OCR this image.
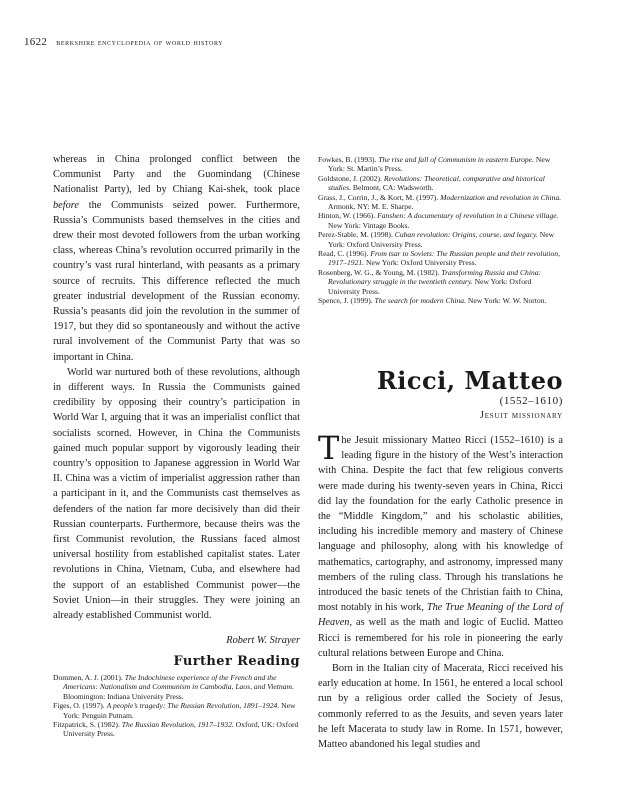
1622 berkshire encyclopedia of world history

whereas in China prolonged conflict between the Communist Party and the Guomindang (Chinese Nationalist Party), led by Chiang Kai-shek, took place before the Communists seized power. Furthermore, Russia’s Communists based themselves in the cities and drew their most devoted followers from the urban working class, whereas China’s revolution occurred primarily in the country’s vast rural hinterland, with peasants as a primary source of recruits. This difference reflected the much greater industrial development of the Russian economy. Russia’s peasants did join the revolution in the summer of 1917, but they did so spontaneously and without the active rural involvement of the Communist Party that was so important in China.

World war nurtured both of these revolutions, although in different ways. In Russia the Communists gained credibility by opposing their country’s participation in World War I, arguing that it was an imperialist conflict that socialists scorned. However, in China the Communists gained much popular support by vigorously leading their country’s opposition to Japanese aggression in World War II. China was a victim of imperialist aggression rather than a participant in it, and the Communists cast themselves as defenders of the nation far more decisively than did their Russian counterparts. Furthermore, because theirs was the first Communist revolution, the Russians faced almost universal hostility from established capitalist states. Later revolutions in China, Vietnam, Cuba, and elsewhere had the support of an established Communist power—the Soviet Union—in their struggles. They were joining an already established Communist world.

Robert W. Strayer

Further Reading

Dommen, A. J. (2001). The Indochinese experience of the French and the Americans: Nationalism and Communism in Cambodia, Laos, and Vietnam. Bloomington: Indiana University Press.

Figes, O. (1997). A people’s tragedy: The Russian Revolution, 1891–1924. New York: Penguin Putnam.

Fitzpatrick, S. (1982). The Russian Revolution, 1917–1932. Oxford, UK: Oxford University Press.

Fowkes, B. (1993). The rise and fall of Communism in eastern Europe. New York: St. Martin’s Press.

Goldstone, J. (2002). Revolutions: Theoretical, comparative and historical studies. Belmont, CA: Wadsworth.

Grass, J., Corrin, J., & Kort, M. (1997). Modernization and revolution in China. Armonk, NY: M. E. Sharpe.

Hinton, W. (1966). Fanshen: A documentary of revolution in a Chinese village. New York: Vintage Books.

Perez-Stable, M. (1998). Cuban revolution: Origins, course, and legacy. New York: Oxford University Press.

Read, C. (1996). From tsar to Soviets: The Russian people and their revolution, 1917–1921. New York: Oxford University Press.

Rosenberg, W. G., & Young, M. (1982). Transforming Russia and China: Revolutionary struggle in the twentieth century. New York: Oxford University Press.

Spence, J. (1999). The search for modern China. New York: W. W. Norton.

Ricci, Matteo
(1552–1610)
Jesuit missionary

The Jesuit missionary Matteo Ricci (1552–1610) is a leading figure in the history of the West’s interaction with China. Despite the fact that few religious converts were made during his twenty-seven years in China, Ricci did lay the foundation for the early Catholic presence in the “Middle Kingdom,” and his scholastic abilities, including his incredible memory and mastery of Chinese language and philosophy, along with his knowledge of mathematics, cartography, and astronomy, impressed many members of the ruling class. Through his translations he introduced the basic tenets of the Christian faith to China, most notably in his work, The True Meaning of the Lord of Heaven, as well as the math and logic of Euclid. Matteo Ricci is remembered for his role in pioneering the early cultural relations between Europe and China.

Born in the Italian city of Macerata, Ricci received his early education at home. In 1561, he entered a local school run by a religious order called the Society of Jesus, commonly referred to as the Jesuits, and seven years later he left Macerata to study law in Rome. In 1571, however, Matteo abandoned his legal studies and
